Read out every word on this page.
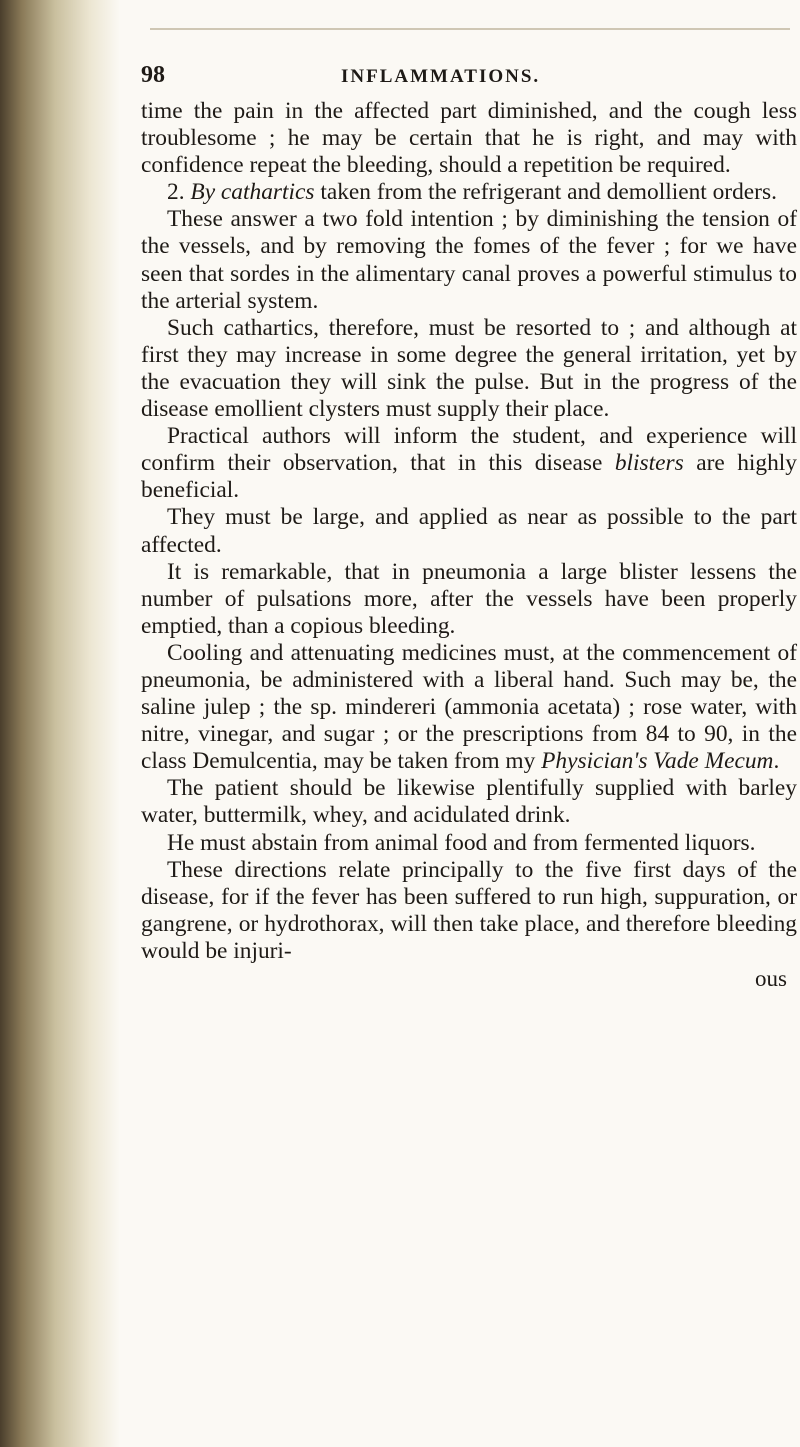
98	INFLAMMATIONS.

time the pain in the affected part diminished, and the cough less troublesome ; he may be certain that he is right, and may with confidence repeat the bleeding, should a repetition be required.

2. By cathartics taken from the refrigerant and demollient orders.

These answer a two fold intention ; by diminishing the tension of the vessels, and by removing the fomes of the fever ; for we have seen that sordes in the alimentary canal proves a powerful stimulus to the arterial system.

Such cathartics, therefore, must be resorted to ; and although at first they may increase in some degree the general irritation, yet by the evacuation they will sink the pulse. But in the progress of the disease emollient clysters must supply their place.

Practical authors will inform the student, and experience will confirm their observation, that in this disease blisters are highly beneficial.

They must be large, and applied as near as possible to the part affected.

It is remarkable, that in pneumonia a large blister lessens the number of pulsations more, after the vessels have been properly emptied, than a copious bleeding.

Cooling and attenuating medicines must, at the commencement of pneumonia, be administered with a liberal hand. Such may be, the saline julep ; the sp. mindereri (ammonia acetata) ; rose water, with nitre, vinegar, and sugar ; or the prescriptions from 84 to 90, in the class Demulcentia, may be taken from my Physician's Vade Mecum.

The patient should be likewise plentifully supplied with barley water, buttermilk, whey, and acidulated drink.

He must abstain from animal food and from fermented liquors.

These directions relate principally to the five first days of the disease, for if the fever has been suffered to run high, suppuration, or gangrene, or hydrothorax, will then take place, and therefore bleeding would be injuri-

ous
